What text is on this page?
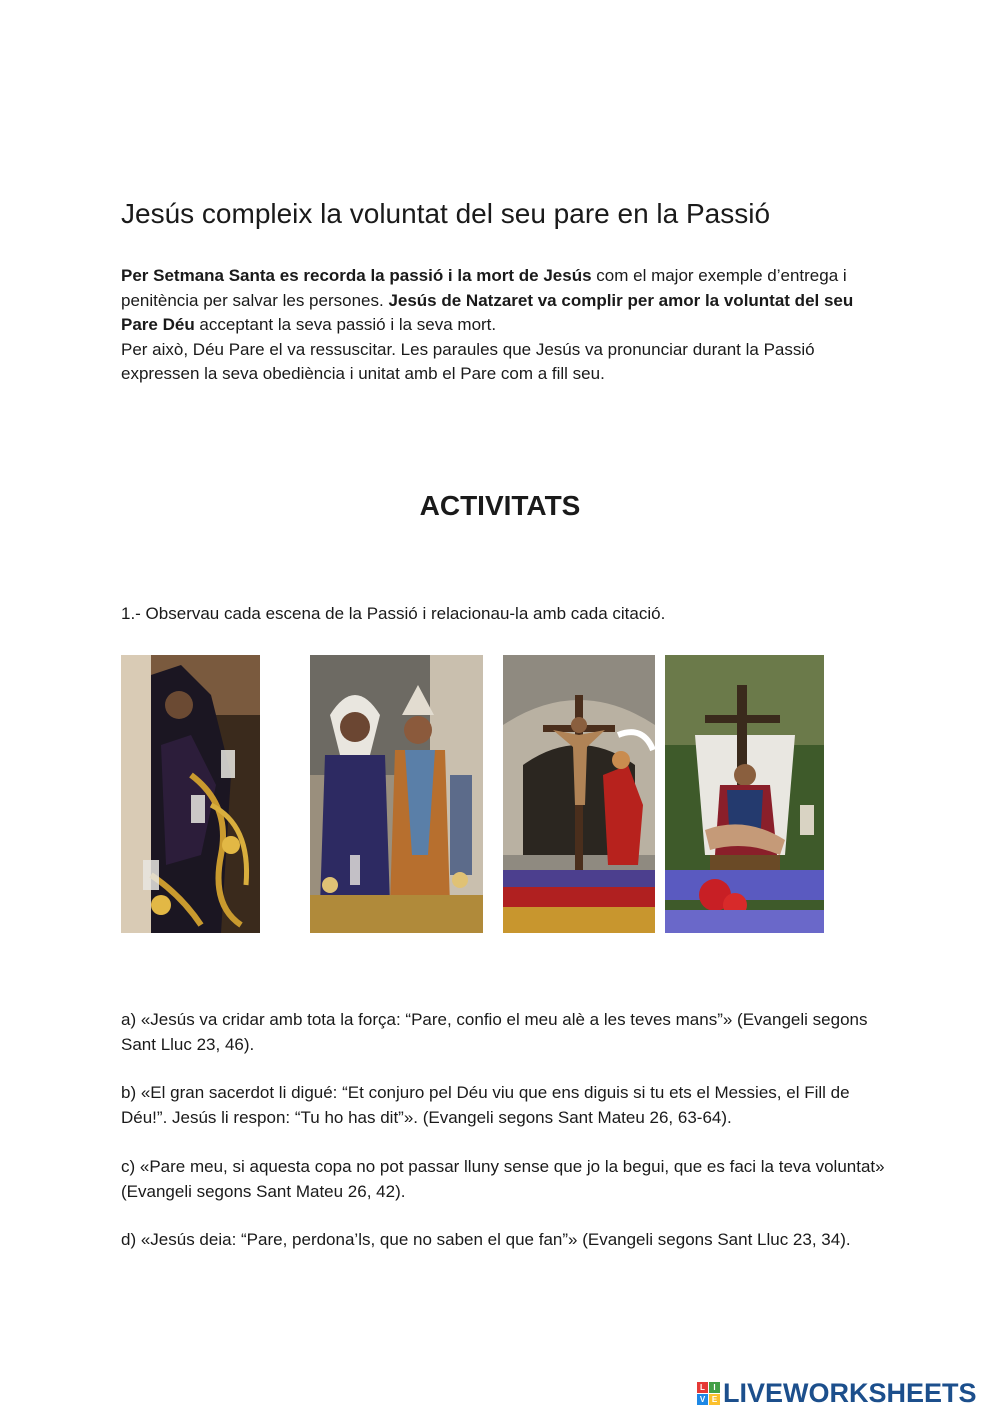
Jesús compleix la voluntat del seu pare en la Passió
Per Setmana Santa es recorda la passió i la mort de Jesús com el major exemple d’entrega i penitència per salvar les persones. Jesús de Natzaret va complir per amor la voluntat del seu Pare Déu acceptant la seva passió i la seva mort.
Per això, Déu Pare el va ressuscitar. Les paraules que Jesús va pronunciar durant la Passió expressen la seva obediència i unitat amb el Pare com a fill seu.
ACTIVITATS

1.- Observau cada escena de la Passió i relacionau-la amb cada citació.

a) «Jesús va cridar amb tota la força: “Pare, confio el meu alè a les teves mans”» (Evangeli segons Sant Lluc 23, 46).

b) «El gran sacerdot li digué: “Et conjuro pel Déu viu que ens diguis si tu ets el Messies, el Fill de Déu!”. Jesús li respon: “Tu ho has dit”». (Evangeli segons Sant Mateu 26, 63-64).

c) «Pare meu, si aquesta copa no pot passar lluny sense que jo la begui, que es faci la teva voluntat» (Evangeli segons Sant Mateu 26, 42).

d) «Jesús deia: “Pare, perdona’ls, que no saben el que fan”» (Evangeli segons Sant Lluc 23, 34).

L	I
V E LIVEWORKSHEETS
